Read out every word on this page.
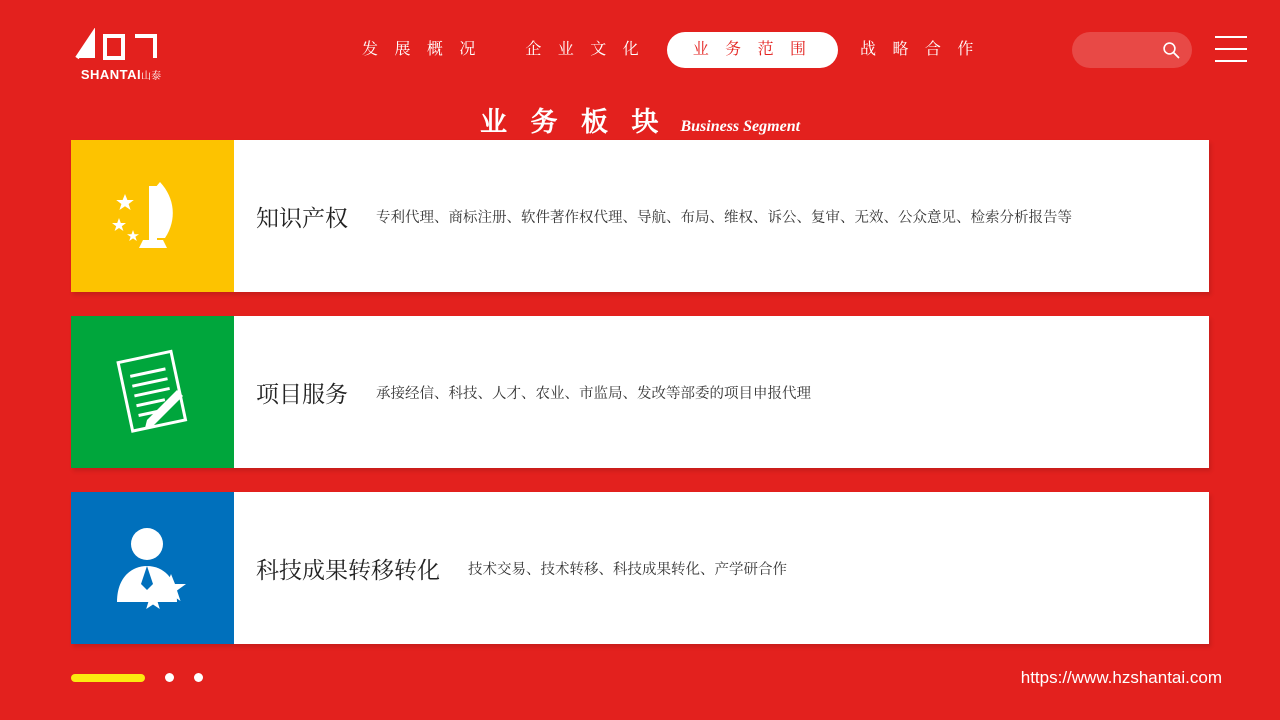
SHANTAI山泰
发 展 概 况	企 业 文 化	业 务 范 围	战 略 合 作
业 务 板 块 Business Segment
知识产权 专利代理、商标注册、软件著作权代理、导航、布局、维权、诉公、复审、无效、公众意见、检索分析报告等
项目服务 承接经信、科技、人才、农业、市监局、发改等部委的项目申报代理
科技成果转移转化 技术交易、技术转移、科技成果转化、产学研合作
https://www.hzshantai.com
